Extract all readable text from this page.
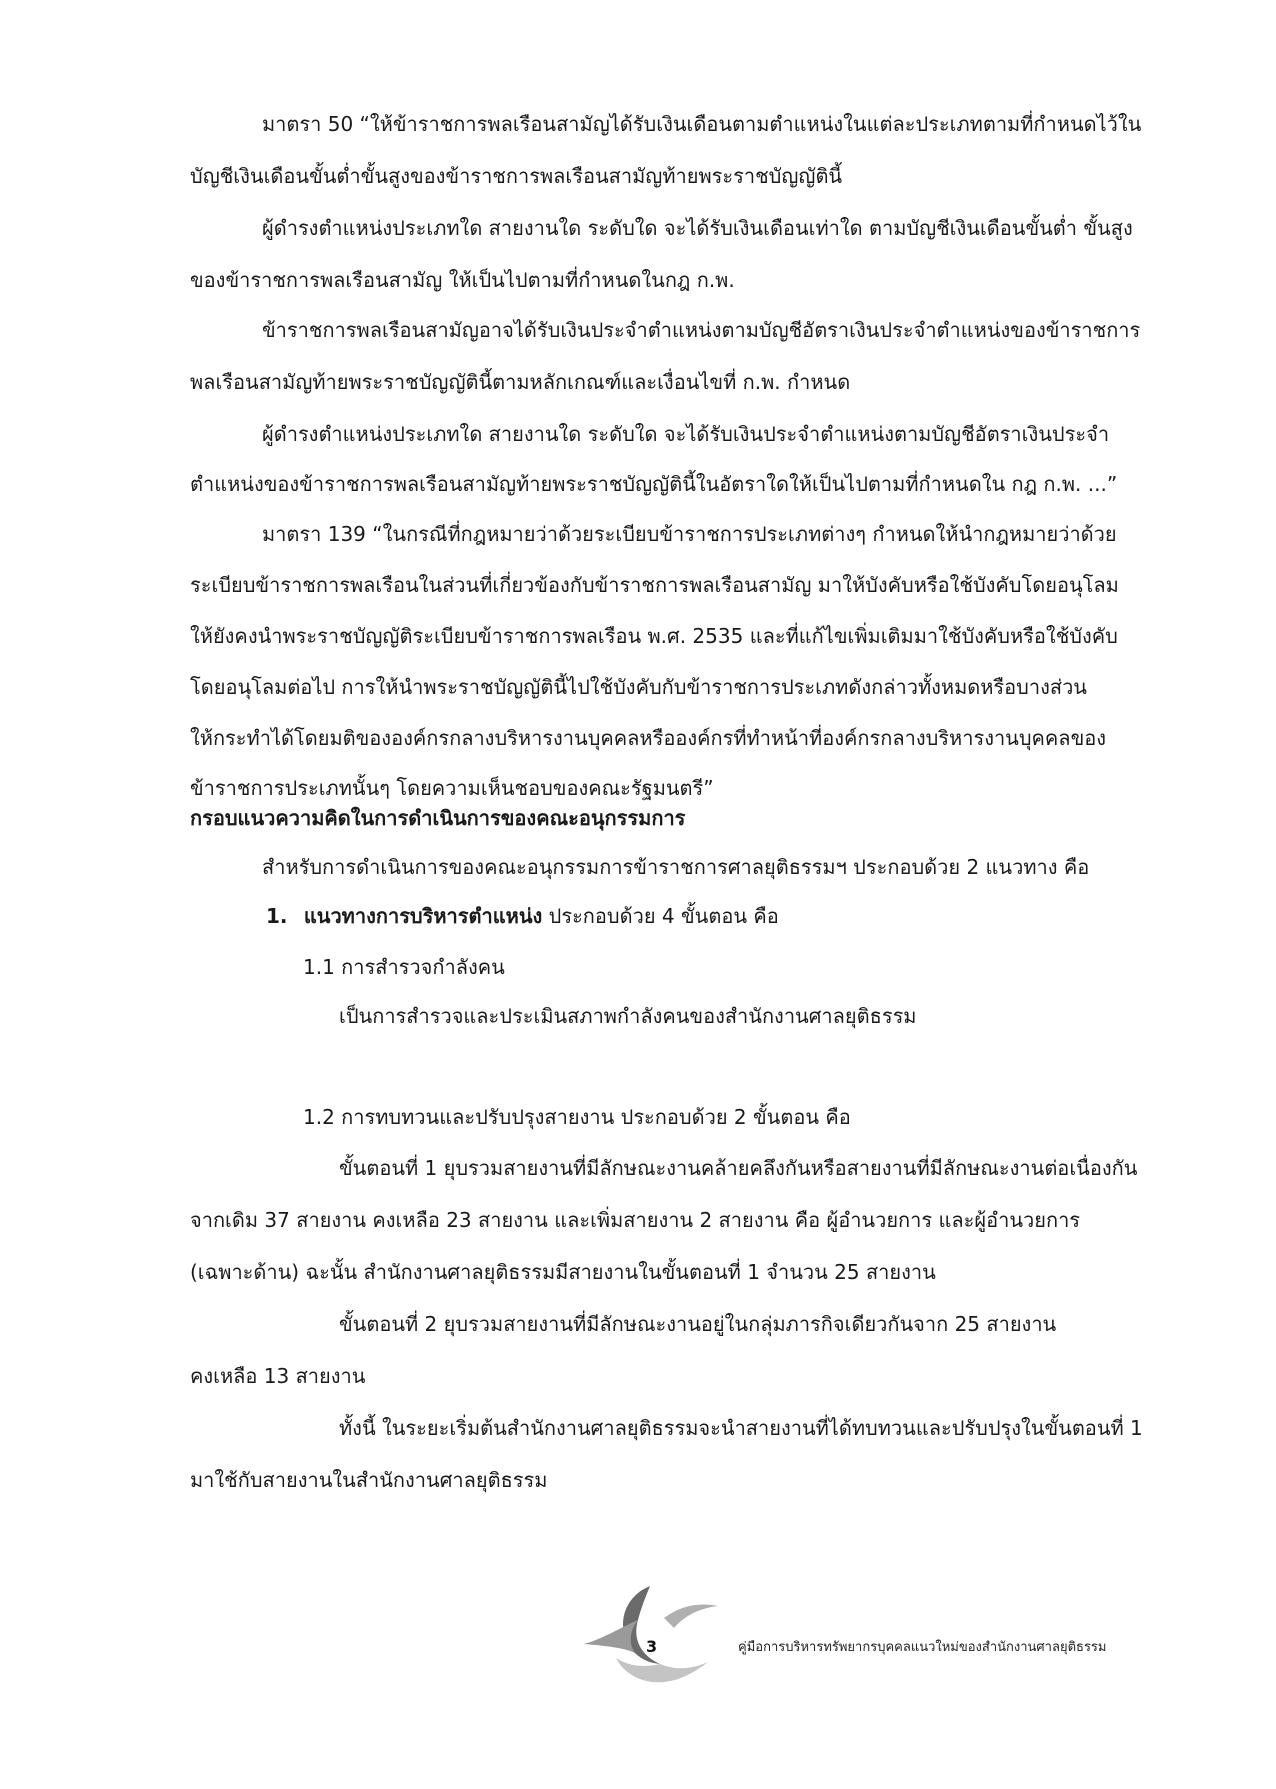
มาตรา 50 “ให้ข้าราชการพลเรือนสามัญได้รับเงินเดือนตามตำแหน่งในแต่ละประเภทตามที่กำหนดไว้ใน

บัญชีเงินเดือนขั้นต่ำขั้นสูงของข้าราชการพลเรือนสามัญท้ายพระราชบัญญัตินี้

ผู้ดำรงตำแหน่งประเภทใด สายงานใด ระดับใด จะได้รับเงินเดือนเท่าใด ตามบัญชีเงินเดือนขั้นต่ำ ขั้นสูง

ของข้าราชการพลเรือนสามัญ ให้เป็นไปตามที่กำหนดในกฎ ก.พ.

ข้าราชการพลเรือนสามัญอาจได้รับเงินประจำตำแหน่งตามบัญชีอัตราเงินประจำตำแหน่งของข้าราชการ

พลเรือนสามัญท้ายพระราชบัญญัตินี้ตามหลักเกณฑ์และเงื่อนไขที่ ก.พ. กำหนด

ผู้ดำรงตำแหน่งประเภทใด สายงานใด ระดับใด จะได้รับเงินประจำตำแหน่งตามบัญชีอัตราเงินประจำ

ตำแหน่งของข้าราชการพลเรือนสามัญท้ายพระราชบัญญัตินี้ในอัตราใดให้เป็นไปตามที่กำหนดใน กฎ ก.พ. ...”

มาตรา 139 “ในกรณีที่กฎหมายว่าด้วยระเบียบข้าราชการประเภทต่างๆ กำหนดให้นำกฎหมายว่าด้วย

ระเบียบข้าราชการพลเรือนในส่วนที่เกี่ยวข้องกับข้าราชการพลเรือนสามัญ มาให้บังคับหรือใช้บังคับโดยอนุโลม

ให้ยังคงนำพระราชบัญญัติระเบียบข้าราชการพลเรือน พ.ศ. 2535 และที่แก้ไขเพิ่มเติมมาใช้บังคับหรือใช้บังคับ

โดยอนุโลมต่อไป การให้นำพระราชบัญญัตินี้ไปใช้บังคับกับข้าราชการประเภทดังกล่าวทั้งหมดหรือบางส่วน

ให้กระทำได้โดยมติขององค์กรกลางบริหารงานบุคคลหรือองค์กรที่ทำหน้าที่องค์กรกลางบริหารงานบุคคลของ

ข้าราชการประเภทนั้นๆ โดยความเห็นชอบของคณะรัฐมนตรี”

กรอบแนวความคิดในการดำเนินการของคณะอนุกรรมการ

สำหรับการดำเนินการของคณะอนุกรรมการข้าราชการศาลยุติธรรมฯ ประกอบด้วย 2 แนวทาง คือ

1. แนวทางการบริหารตำแหน่ง ประกอบด้วย 4 ขั้นตอน คือ

1.1 การสำรวจกำลังคน

เป็นการสำรวจและประเมินสภาพกำลังคนของสำนักงานศาลยุติธรรม

1.2 การทบทวนและปรับปรุงสายงาน ประกอบด้วย 2 ขั้นตอน คือ

ขั้นตอนที่ 1 ยุบรวมสายงานที่มีลักษณะงานคล้ายคลึงกันหรือสายงานที่มีลักษณะงานต่อเนื่องกัน

จากเดิม 37 สายงาน คงเหลือ 23 สายงาน และเพิ่มสายงาน 2 สายงาน คือ ผู้อำนวยการ และผู้อำนวยการ

(เฉพาะด้าน) ฉะนั้น สำนักงานศาลยุติธรรมมีสายงานในขั้นตอนที่ 1 จำนวน 25 สายงาน

ขั้นตอนที่ 2 ยุบรวมสายงานที่มีลักษณะงานอยู่ในกลุ่มภารกิจเดียวกันจาก 25 สายงาน

คงเหลือ 13 สายงาน

ทั้งนี้ ในระยะเริ่มต้นสำนักงานศาลยุติธรรมจะนำสายงานที่ได้ทบทวนและปรับปรุงในขั้นตอนที่ 1

มาใช้กับสายงานในสำนักงานศาลยุติธรรม

3	คู่มือการบริหารทรัพยากรบุคคลแนวใหม่ของสำนักงานศาลยุติธรรม
